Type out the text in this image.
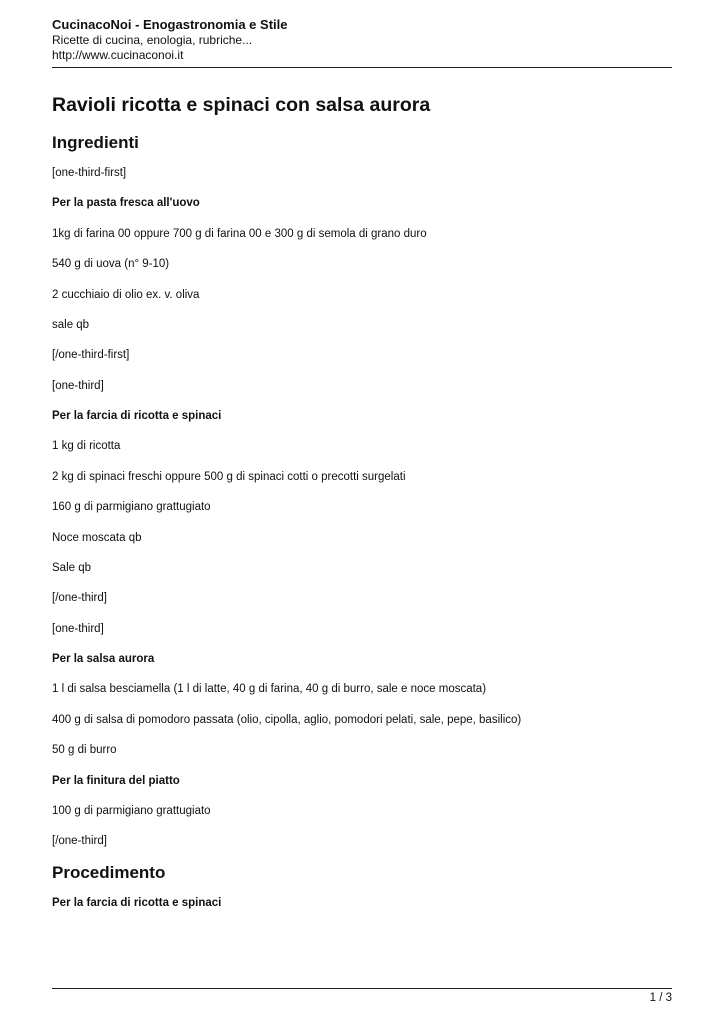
CucinacoNoi - Enogastronomia e Stile
Ricette di cucina, enologia, rubriche...
http://www.cucinaconoi.it
Ravioli ricotta e spinaci con salsa aurora
Ingredienti
[one-third-first]
Per la pasta fresca all'uovo
1kg di farina 00 oppure 700 g di farina 00 e 300 g di semola di grano duro
540 g di uova (n° 9-10)
2 cucchiaio di olio ex. v. oliva
sale qb
[/one-third-first]
[one-third]
Per la farcia di ricotta e spinaci
1 kg di ricotta
2 kg di spinaci freschi oppure 500 g di spinaci cotti o precotti surgelati
160 g di parmigiano grattugiato
Noce moscata qb
Sale qb
[/one-third]
[one-third]
Per la salsa aurora
1 l di salsa besciamella (1 l di latte, 40 g di farina, 40 g di burro, sale e noce moscata)
400 g di salsa di pomodoro passata (olio, cipolla, aglio, pomodori pelati, sale, pepe, basilico)
50 g di burro
Per la finitura del piatto
100 g di parmigiano grattugiato
[/one-third]
Procedimento
Per la farcia di ricotta e spinaci
1 / 3
